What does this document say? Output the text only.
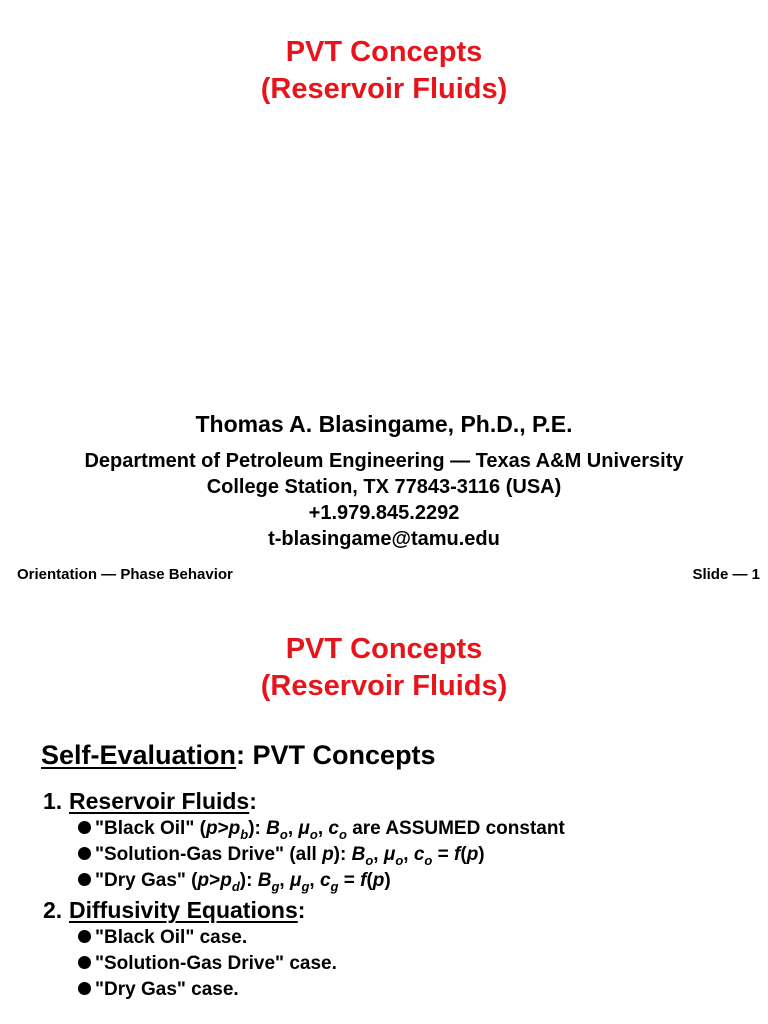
PVT Concepts

(Reservoir Fluids)

Thomas A. Blasingame, Ph.D., P.E.

Department of Petroleum Engineering — Texas A&M University

College Station, TX 77843-3116 (USA)

+1.979.845.2292

t-blasingame@tamu.edu

Orientation — Phase Behavior	Slide — 1

PVT Concepts

(Reservoir Fluids)

Self-Evaluation: PVT Concepts
1. Reservoir Fluids:
"Black Oil" $(p>p_b)$: $B_o$, $\mu_o$, $c_o$ are ASSUMED constant
"Solution-Gas Drive" (all p): $B_o$, $\mu_o$, $c_o = f(p)$
"Dry Gas" $(p>p_d)$: $B_g$, $\mu_g$, $c_g = f(p)$
2. Diffusivity Equations:
"Black Oil" case.
"Solution-Gas Drive" case.
"Dry Gas" case.
